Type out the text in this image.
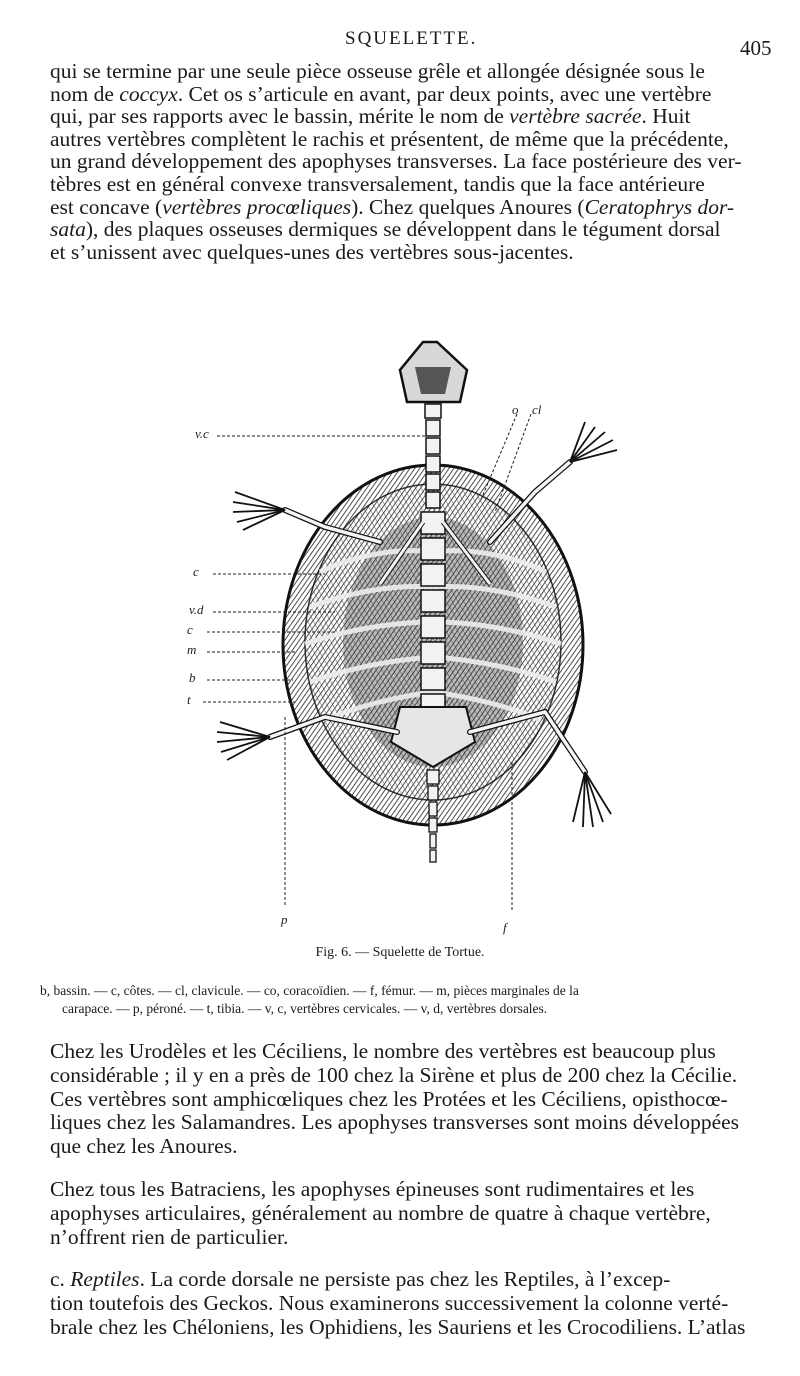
SQUELETTE.	405
qui se termine par une seule pièce osseuse grêle et allongée désignée sous le
nom de coccyx. Cet os s’articule en avant, par deux points, avec une vertèbre
qui, par ses rapports avec le bassin, mérite le nom de vertèbre sacrée. Huit
autres vertèbres complètent le rachis et présentent, de même que la précédente,
un grand développement des apophyses transverses. La face postérieure des ver-
tèbres est en général convexe transversalement, tandis que la face antérieure
est concave (vertèbres procœliques). Chez quelques Anoures (Ceratophrys dor-
sata), des plaques osseuses dermiques se développent dans le tégument dorsal
et s’unissent avec quelques-unes des vertèbres sous-jacentes.
v.c
c
v.d
c
m
b
t
o cl
p
f
Fig. 6. — Squelette de Tortue.
b, bassin. — c, côtes. — cl, clavicule. — co, coracoïdien. — f, fémur. — m, pièces marginales de la
carapace. — p, péroné. — t, tibia. — v, c, vertèbres cervicales. — v, d, vertèbres dorsales.
Chez les Urodèles et les Céciliens, le nombre des vertèbres est beaucoup plus
considérable ; il y en a près de 100 chez la Sirène et plus de 200 chez la Cécilie.
Ces vertèbres sont amphicœliques chez les Protées et les Céciliens, opisthocœ-
liques chez les Salamandres. Les apophyses transverses sont moins développées
que chez les Anoures.
Chez tous les Batraciens, les apophyses épineuses sont rudimentaires et les
apophyses articulaires, généralement au nombre de quatre à chaque vertèbre,
n’offrent rien de particulier.
c. Reptiles. La corde dorsale ne persiste pas chez les Reptiles, à l’excep-
tion toutefois des Geckos. Nous examinerons successivement la colonne verté-
brale chez les Chéloniens, les Ophidiens, les Sauriens et les Crocodiliens. L’atlas
